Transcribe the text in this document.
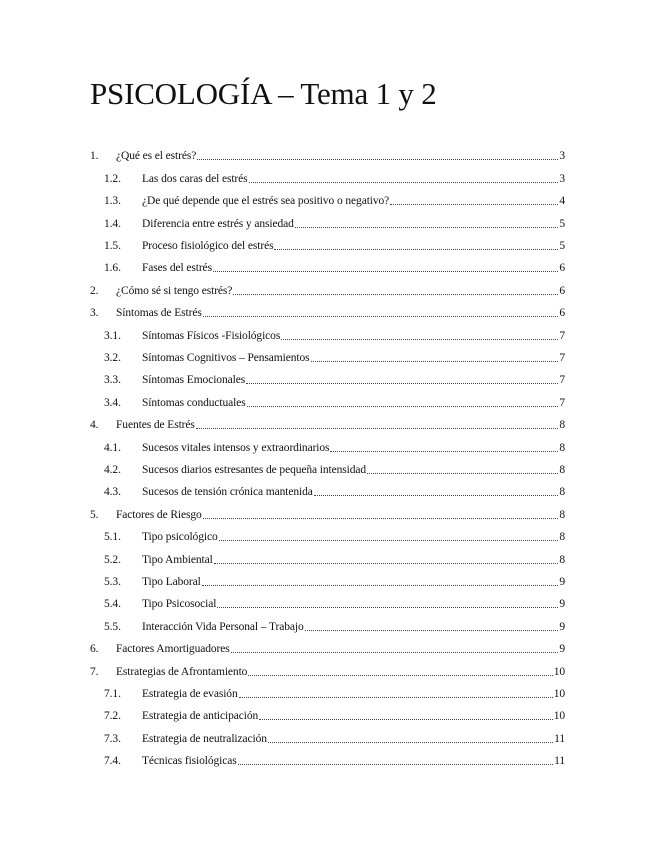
PSICOLOGÍA – Tema 1 y 2
1.	¿Qué es el estrés?	3
1.2.	Las dos caras del estrés	3
1.3.	¿De qué depende que el estrés sea positivo o negativo?	4
1.4.	Diferencia entre estrés y ansiedad	5
1.5.	Proceso fisiológico del estrés	5
1.6.	Fases del estrés	6
2.	¿Cómo sé si tengo estrés?	6
3.	Síntomas de Estrés	6
3.1.	Síntomas Físicos -Fisiológicos	7
3.2.	Síntomas Cognitivos – Pensamientos	7
3.3.	Síntomas Emocionales	7
3.4.	Síntomas conductuales	7
4.	Fuentes de Estrés	8
4.1.	Sucesos vitales intensos y extraordinarios	8
4.2.	Sucesos diarios estresantes de pequeña intensidad	8
4.3.	Sucesos de tensión crónica mantenida	8
5.	Factores de Riesgo	8
5.1.	Tipo psicológico	8
5.2.	Tipo Ambiental	8
5.3.	Tipo Laboral	9
5.4.	Tipo Psicosocial	9
5.5.	Interacción Vida Personal – Trabajo	9
6.	Factores Amortiguadores	9
7.	Estrategias de Afrontamiento	10
7.1.	Estrategia de evasión	10
7.2.	Estrategia de anticipación	10
7.3.	Estrategia de neutralización	11
7.4.	Técnicas fisiológicas	11
